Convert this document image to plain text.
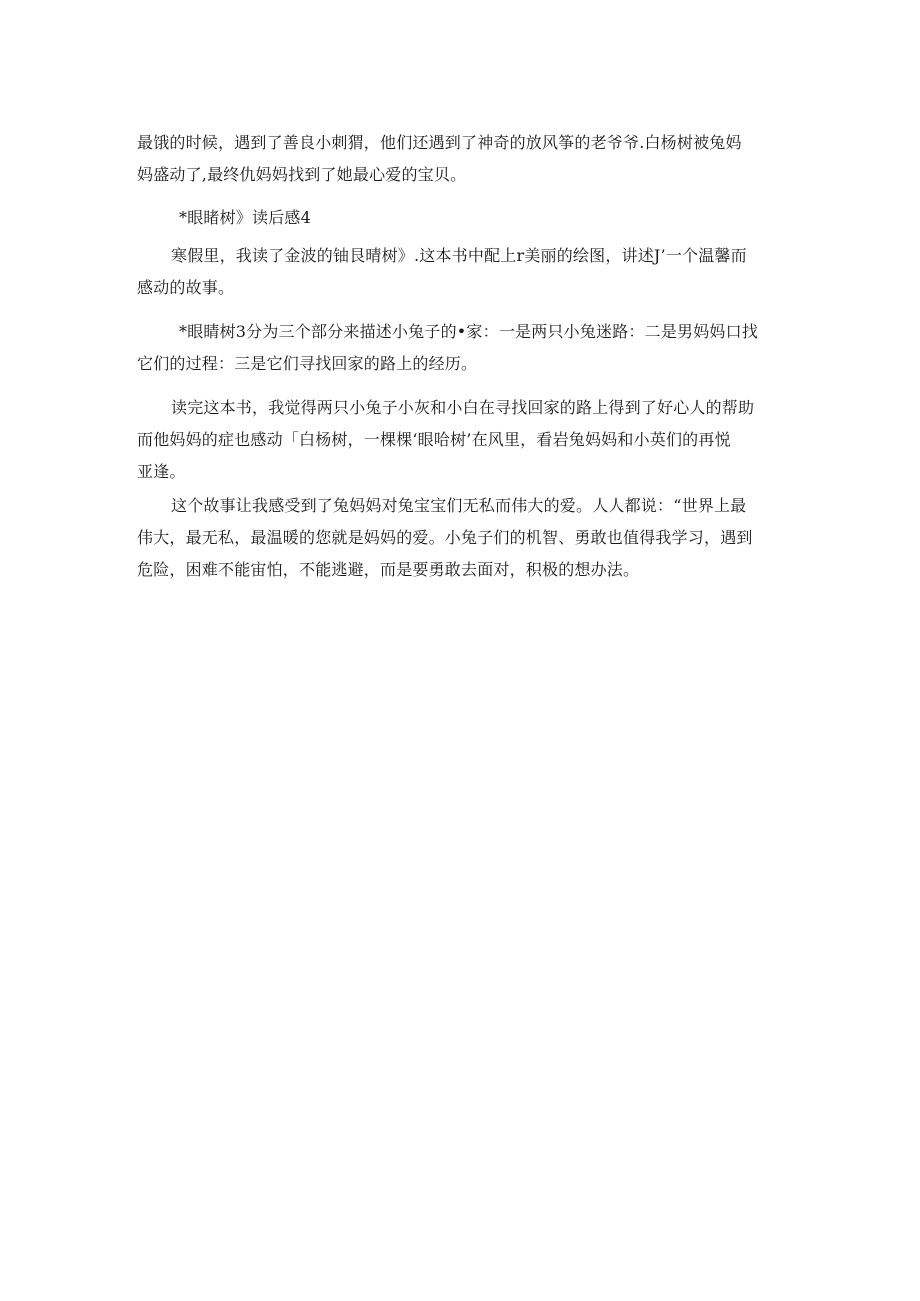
最饿的时候，遇到了善良小刺猬，他们还遇到了神奇的放风筝的老爷爷.白杨树被兔妈
妈盛动了,最终仇妈妈找到了她最心爱的宝贝。
*眼睹树》读后感4
寒假里，我读了金波的铀艮晴树》.这本书中配上r美丽的绘图，讲述J’一个温馨而
感动的故事。
*眼睛树3分为三个部分来描述小兔子的•家：一是两只小兔迷路：二是男妈妈口找
它们的过程：三是它们寻找回家的路上的经历。
读完这本书，我觉得两只小兔子小灰和小白在寻找回家的路上得到了好心人的帮助
而他妈妈的症也感动「白杨树，一棵棵‘眼哈树’在风里，看岩兔妈妈和小英们的再悦
亚逢。
这个故事让我感受到了兔妈妈对兔宝宝们无私而伟大的爱。人人都说：“世界上最
伟大，最无私，最温暖的您就是妈妈的爱。小兔子们的机智、勇敢也值得我学习，遇到
危险，困难不能宙怕，不能逃避，而是要勇敢去面对，积极的想办法。
